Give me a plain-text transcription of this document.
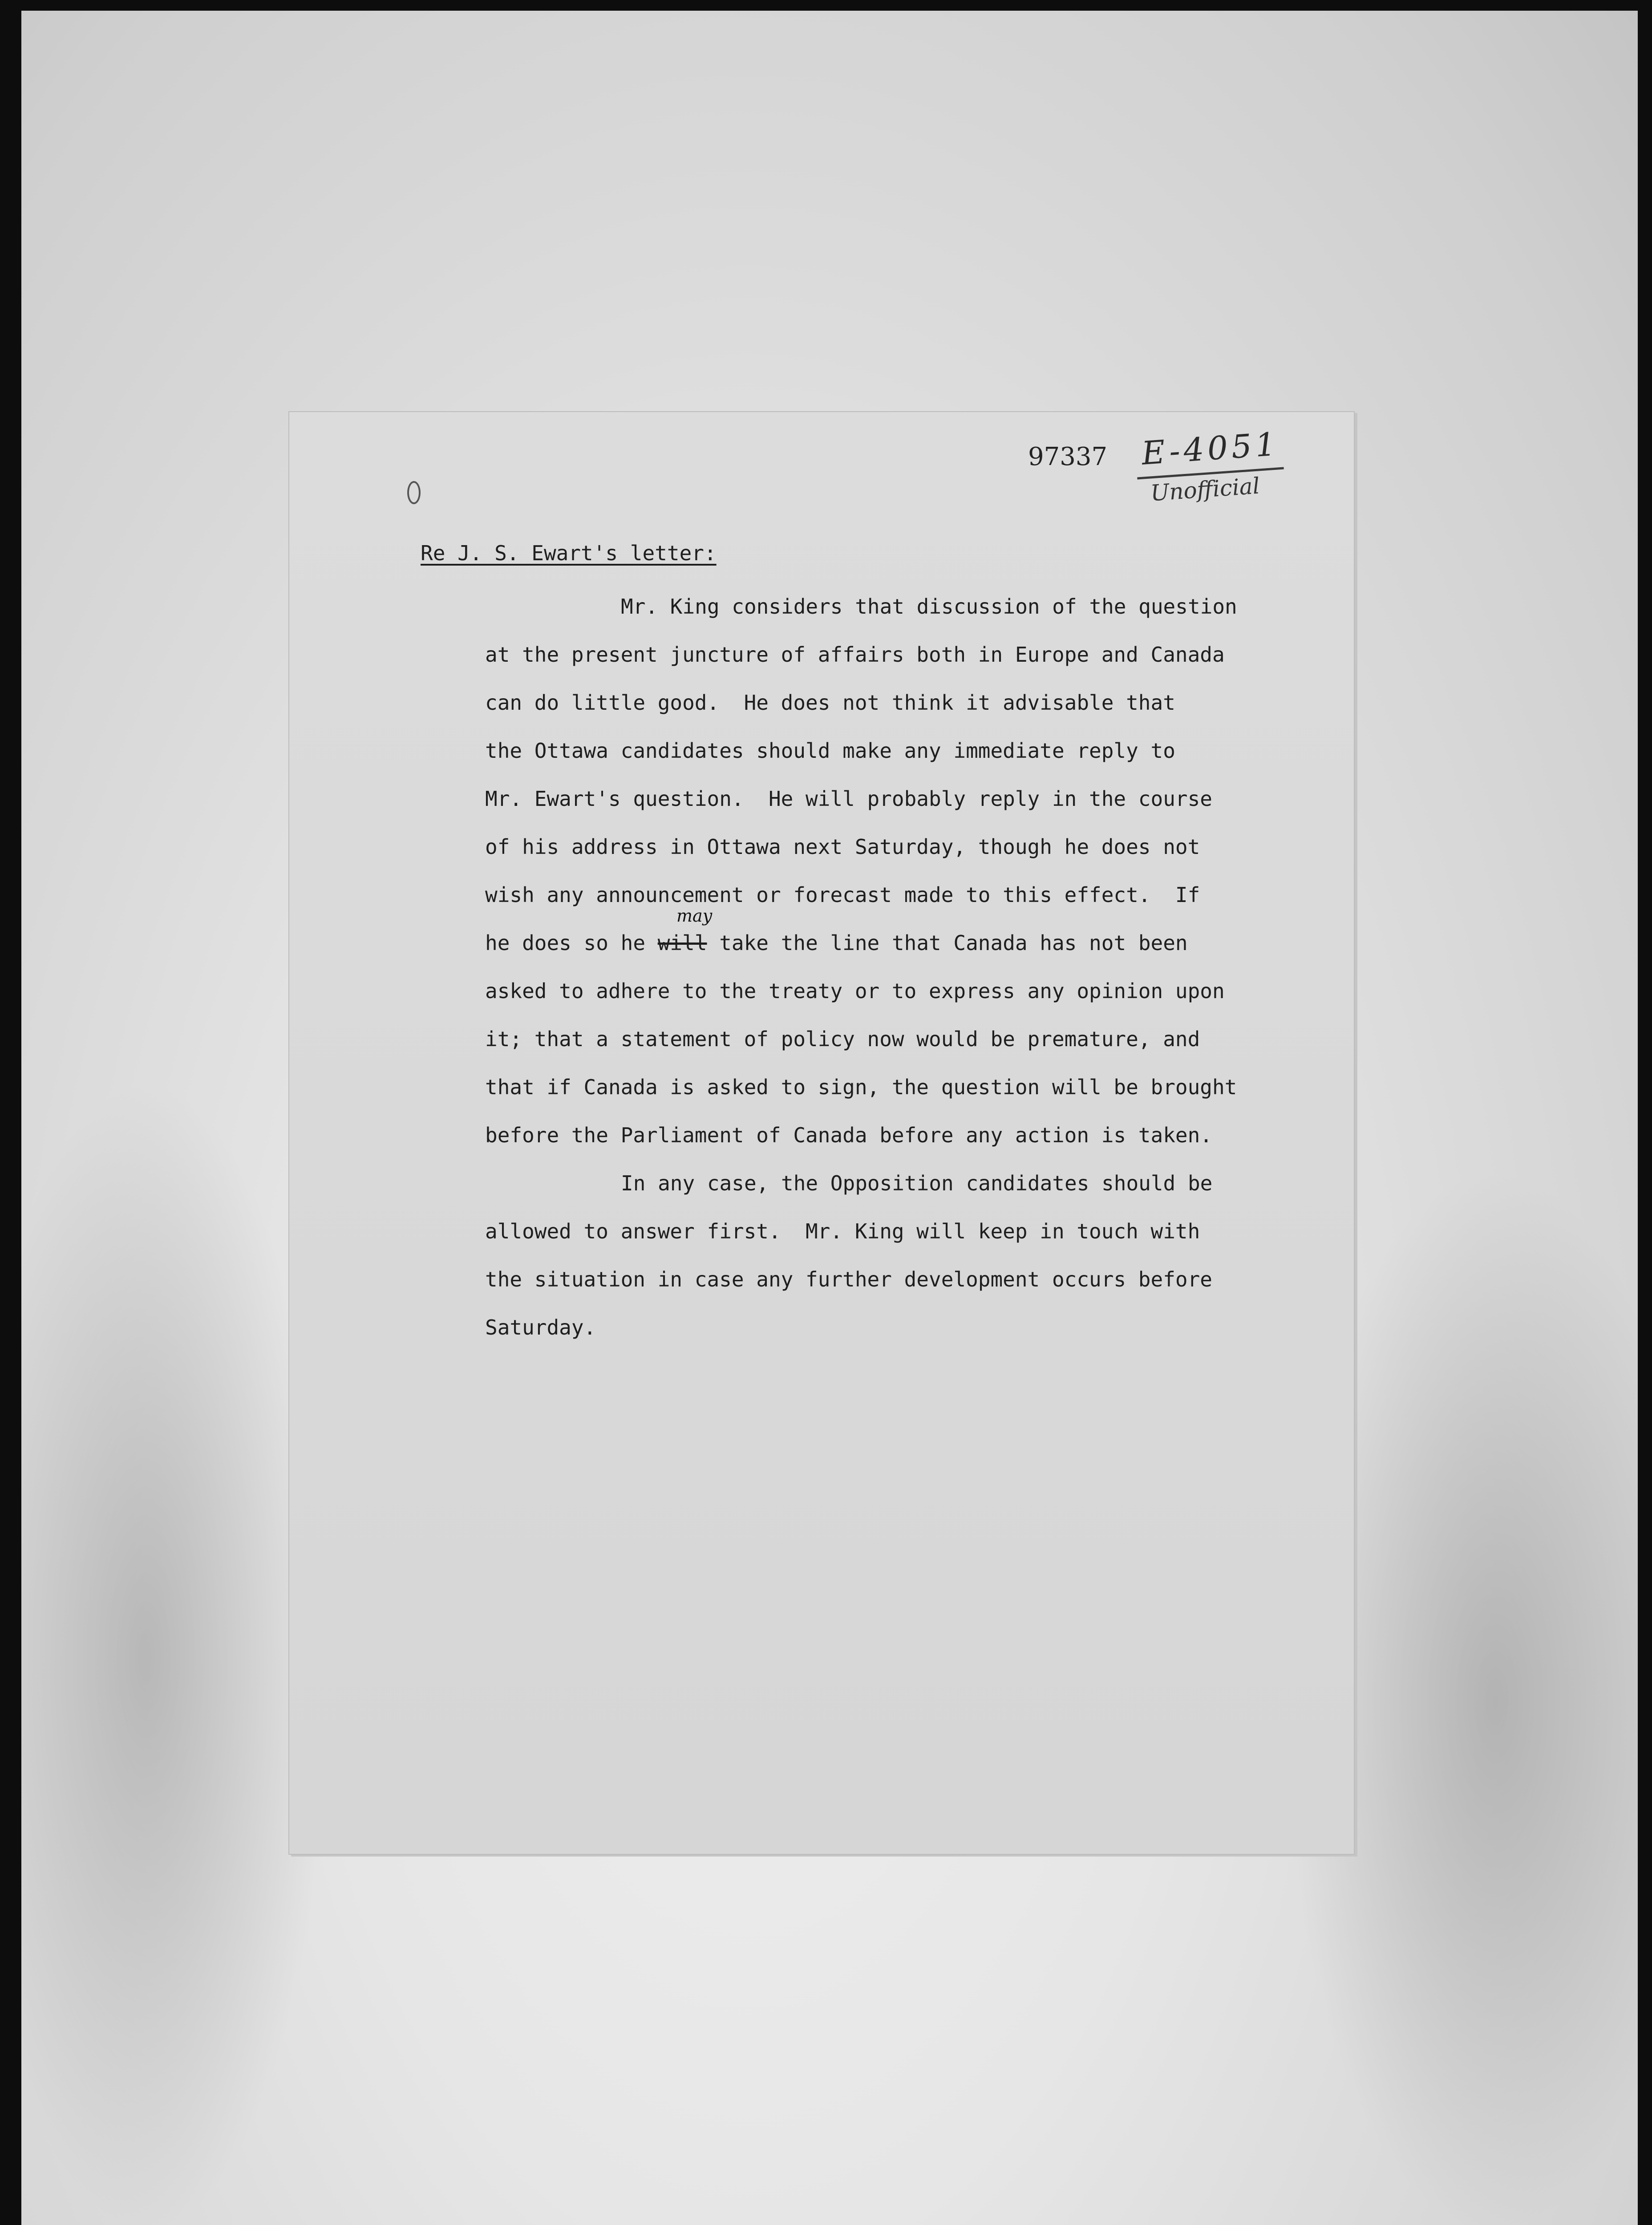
97337 E-4051
Unofficial
Re J. S. Ewart's letter:
Mr. King considers that discussion of the question
at the present juncture of affairs both in Europe and Canada
can do little good.  He does not think it advisable that
the Ottawa candidates should make any immediate reply to
Mr. Ewart's question.  He will probably reply in the course
of his address in Ottawa next Saturday, though he does not
wish any announcement or forecast made to this effect.  If
he does so he will take the line that Canada has not been
may
asked to adhere to the treaty or to express any opinion upon
it; that a statement of policy now would be premature, and
that if Canada is asked to sign, the question will be brought
before the Parliament of Canada before any action is taken.
In any case, the Opposition candidates should be
allowed to answer first.  Mr. King will keep in touch with
the situation in case any further development occurs before
Saturday.
